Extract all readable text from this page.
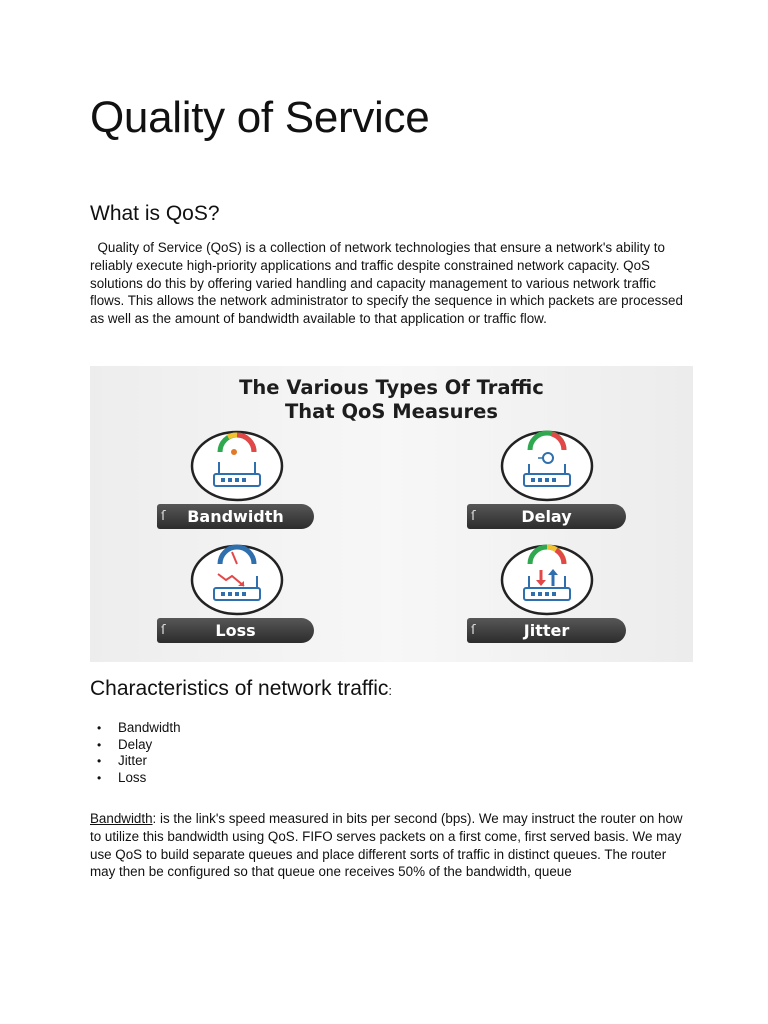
Quality of Service
What is QoS?

Quality of Service (QoS) is a collection of network technologies that ensure a network's ability to reliably execute high-priority applications and traffic despite constrained network capacity. QoS solutions do this by offering varied handling and capacity management to various network traffic flows. This allows the network administrator to specify the sequence in which packets are processed as well as the amount of bandwidth available to that application or traffic flow.

The Various Types Of Traffic
That QoS Measures
ſ Bandwidth	ſ	Delay
ſ	Loss	ſ	Jitter
Characteristics of network traffic:
• Bandwidth
• Delay
• Jitter
• Loss

Bandwidth: is the link's speed measured in bits per second (bps). We may instruct the router on how to utilize this bandwidth using QoS. FIFO serves packets on a first come, first served basis. We may use QoS to build separate queues and place different sorts of traffic in distinct queues. The router may then be configured so that queue one receives 50% of the bandwidth, queue
